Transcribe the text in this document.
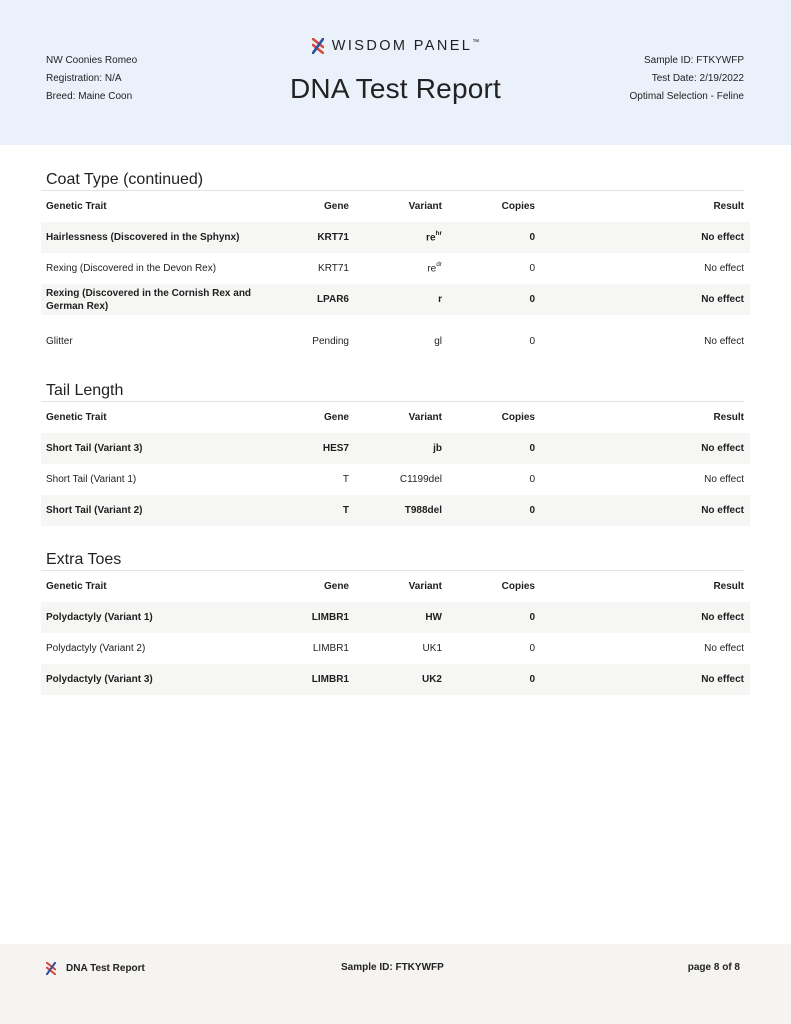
NW Coonies Romeo
Registration: N/A
Breed: Maine Coon
WISDOM PANEL™
DNA Test Report
Sample ID: FTKYWFP
Test Date: 2/19/2022
Optimal Selection - Feline
Coat Type (continued)
Genetic Trait	Gene	Variant	Copies	Result
Hairlessness (Discovered in the Sphynx)	KRT71	$re^{hr}$	0	No effect
Rexing (Discovered in the Devon Rex)	KRT71	$re^{dr}$	0	No effect
Rexing (Discovered in the Cornish Rex and German Rex)	LPAR6	r	0	No effect
Glitter	Pending	gl	0	No effect
Tail Length
Genetic Trait	Gene	Variant	Copies	Result
Short Tail (Variant 3)	HES7	jb	0	No effect
Short Tail (Variant 1)	T	C1199del	0	No effect
Short Tail (Variant 2)	T	T988del	0	No effect
Extra Toes
Genetic Trait	Gene	Variant	Copies	Result
Polydactyly (Variant 1)	LIMBR1	HW	0	No effect
Polydactyly (Variant 2)	LIMBR1	UK1	0	No effect
Polydactyly (Variant 3)	LIMBR1	UK2	0	No effect
DNA Test Report	Sample ID: FTKYWFP	page 8 of 8
